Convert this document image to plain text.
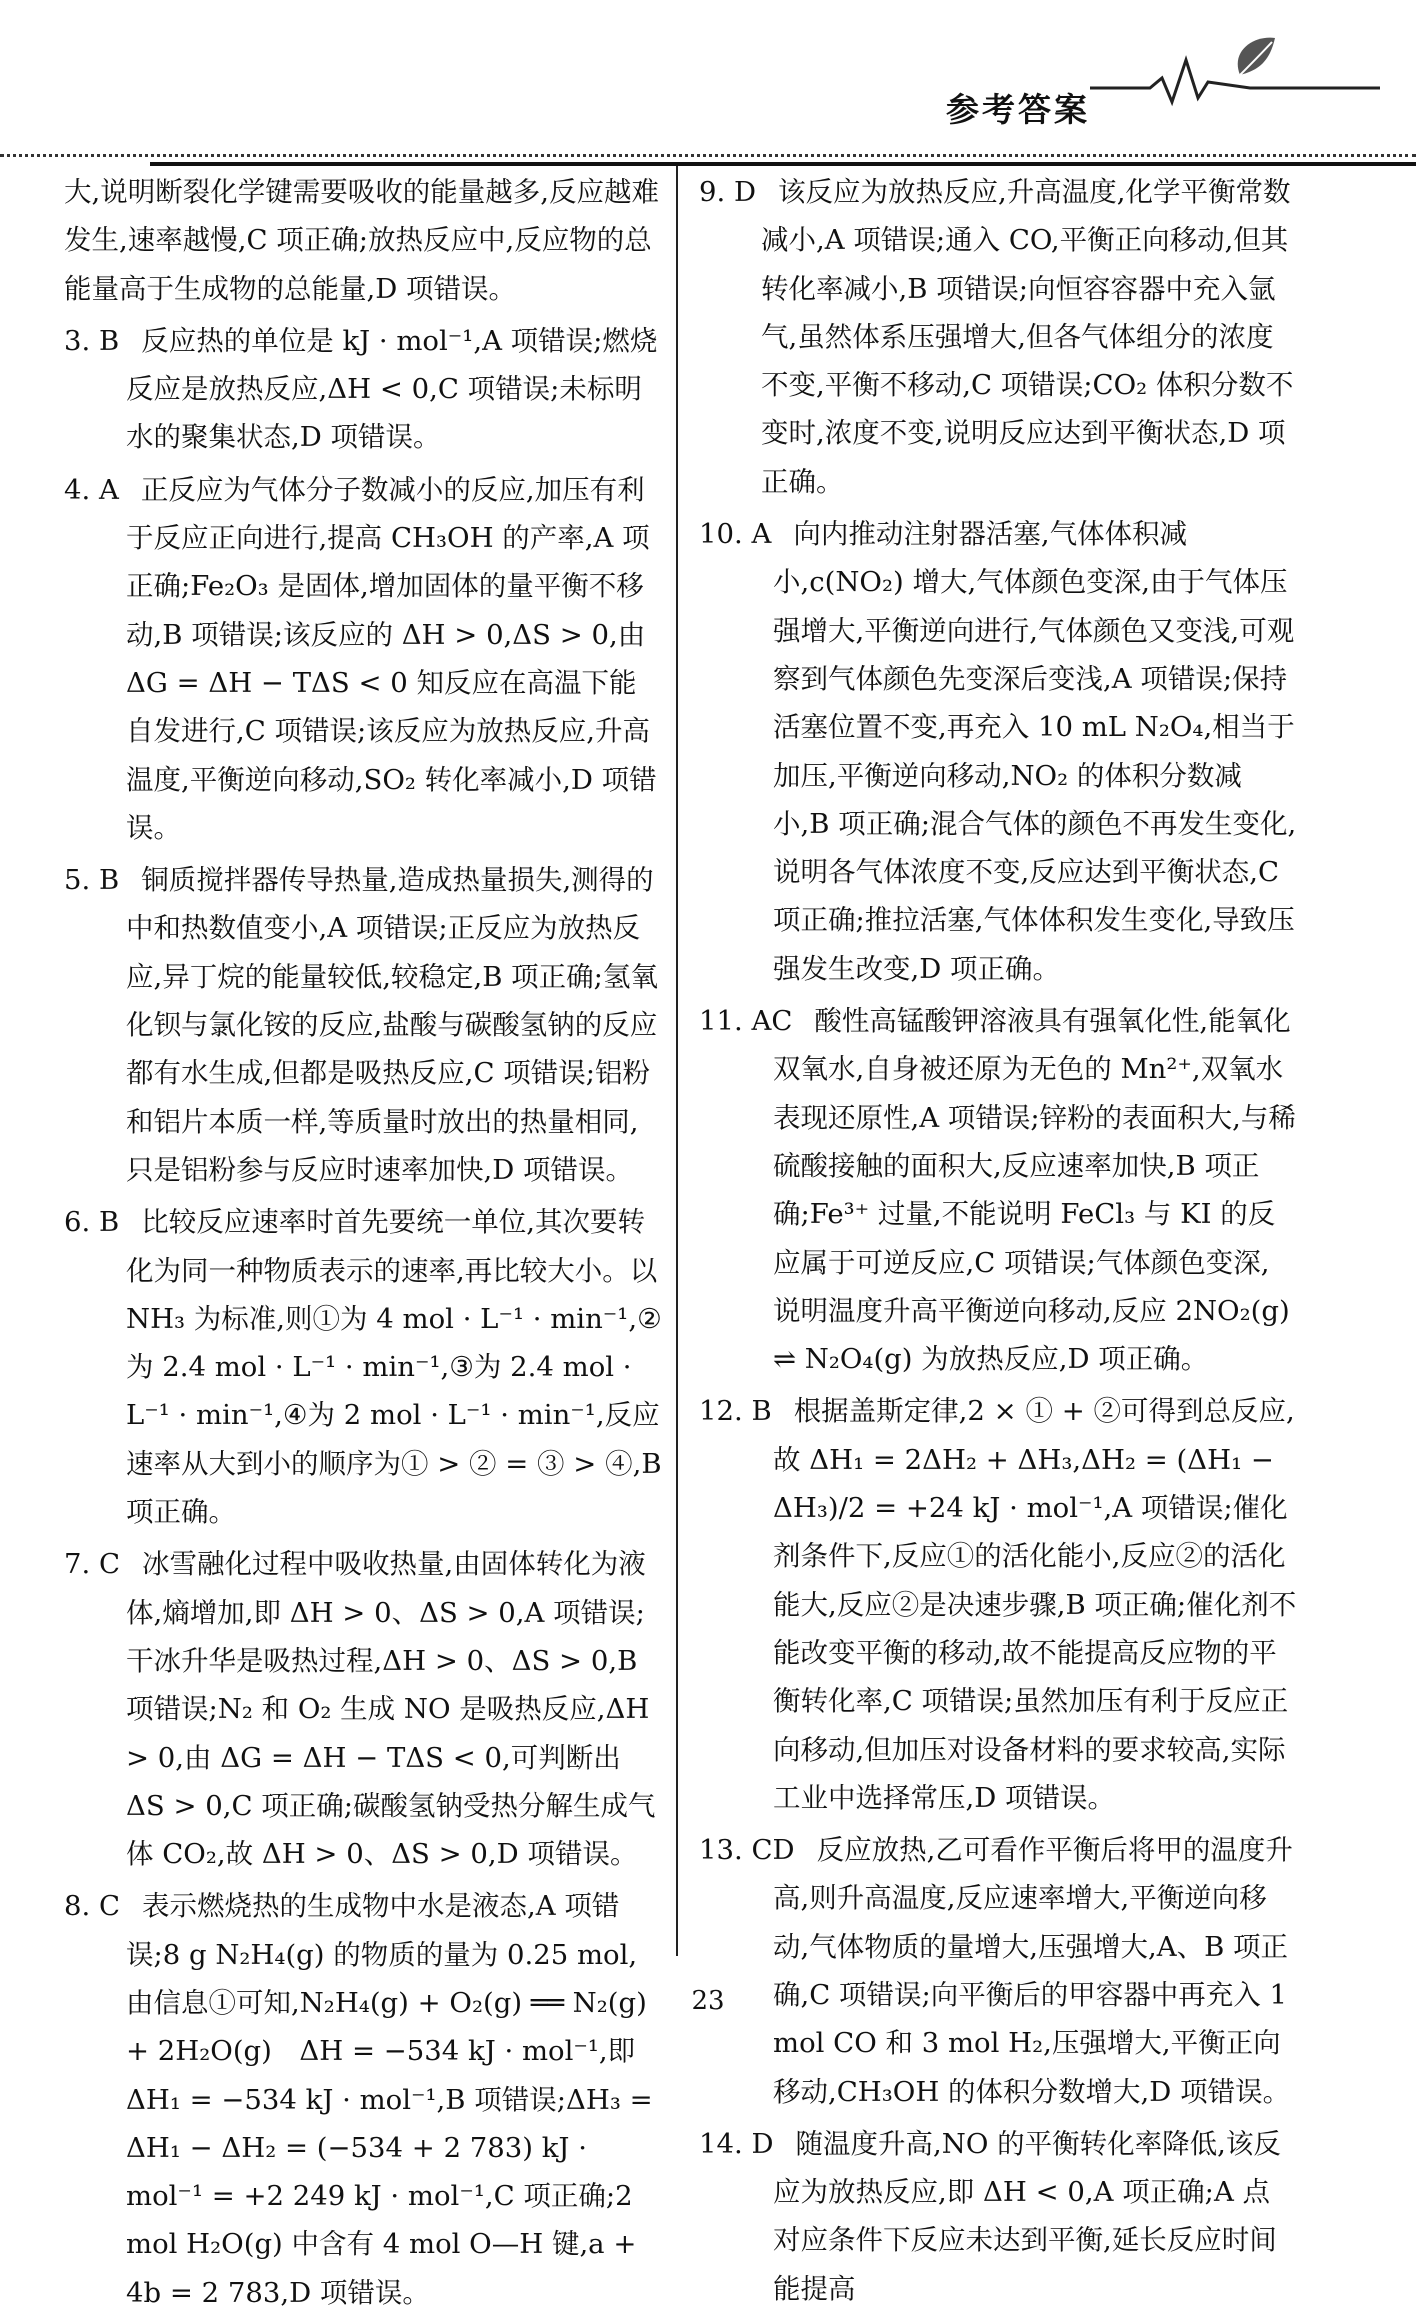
参考答案
大,说明断裂化学键需要吸收的能量越多,反应越难发生,速率越慢,C 项正确;放热反应中,反应物的总能量高于生成物的总能量,D 项错误。
3. B 反应热的单位是 kJ · mol⁻¹,A 项错误;燃烧反应是放热反应,ΔH < 0,C 项错误;未标明水的聚集状态,D 项错误。
4. A 正反应为气体分子数减小的反应,加压有利于反应正向进行,提高 CH₃OH 的产率,A 项正确;Fe₂O₃ 是固体,增加固体的量平衡不移动,B 项错误;该反应的 ΔH > 0,ΔS > 0,由 ΔG = ΔH − TΔS < 0 知反应在高温下能自发进行,C 项错误;该反应为放热反应,升高温度,平衡逆向移动,SO₂ 转化率减小,D 项错误。
5. B 铜质搅拌器传导热量,造成热量损失,测得的中和热数值变小,A 项错误;正反应为放热反应,异丁烷的能量较低,较稳定,B 项正确;氢氧化钡与氯化铵的反应,盐酸与碳酸氢钠的反应都有水生成,但都是吸热反应,C 项错误;铝粉和铝片本质一样,等质量时放出的热量相同,只是铝粉参与反应时速率加快,D 项错误。
6. B 比较反应速率时首先要统一单位,其次要转化为同一种物质表示的速率,再比较大小。以 NH₃ 为标准,则①为 4 mol · L⁻¹ · min⁻¹,②为 2.4 mol · L⁻¹ · min⁻¹,③为 2.4 mol · L⁻¹ · min⁻¹,④为 2 mol · L⁻¹ · min⁻¹,反应速率从大到小的顺序为① > ② = ③ > ④,B 项正确。
7. C 冰雪融化过程中吸收热量,由固体转化为液体,熵增加,即 ΔH > 0、ΔS > 0,A 项错误;干冰升华是吸热过程,ΔH > 0、ΔS > 0,B 项错误;N₂ 和 O₂ 生成 NO 是吸热反应,ΔH > 0,由 ΔG = ΔH − TΔS < 0,可判断出 ΔS > 0,C 项正确;碳酸氢钠受热分解生成气体 CO₂,故 ΔH > 0、ΔS > 0,D 项错误。
8. C 表示燃烧热的生成物中水是液态,A 项错误;8 g N₂H₄(g) 的物质的量为 0.25 mol,由信息①可知,N₂H₄(g) + O₂(g) ══ N₂(g) + 2H₂O(g)　ΔH = −534 kJ · mol⁻¹,即 ΔH₁ = −534 kJ · mol⁻¹,B 项错误;ΔH₃ = ΔH₁ − ΔH₂ = (−534 + 2 783) kJ · mol⁻¹ = +2 249 kJ · mol⁻¹,C 项正确;2 mol H₂O(g) 中含有 4 mol O—H 键,a + 4b = 2 783,D 项错误。
9. D 该反应为放热反应,升高温度,化学平衡常数减小,A 项错误;通入 CO,平衡正向移动,但其转化率减小,B 项错误;向恒容容器中充入氩气,虽然体系压强增大,但各气体组分的浓度不变,平衡不移动,C 项错误;CO₂ 体积分数不变时,浓度不变,说明反应达到平衡状态,D 项正确。
10. A 向内推动注射器活塞,气体体积减小,c(NO₂) 增大,气体颜色变深,由于气体压强增大,平衡逆向进行,气体颜色又变浅,可观察到气体颜色先变深后变浅,A 项错误;保持活塞位置不变,再充入 10 mL N₂O₄,相当于加压,平衡逆向移动,NO₂ 的体积分数减小,B 项正确;混合气体的颜色不再发生变化,说明各气体浓度不变,反应达到平衡状态,C 项正确;推拉活塞,气体体积发生变化,导致压强发生改变,D 项正确。
11. AC 酸性高锰酸钾溶液具有强氧化性,能氧化双氧水,自身被还原为无色的 Mn²⁺,双氧水表现还原性,A 项错误;锌粉的表面积大,与稀硫酸接触的面积大,反应速率加快,B 项正确;Fe³⁺ 过量,不能说明 FeCl₃ 与 KI 的反应属于可逆反应,C 项错误;气体颜色变深,说明温度升高平衡逆向移动,反应 2NO₂(g) ⇌ N₂O₄(g) 为放热反应,D 项正确。
12. B 根据盖斯定律,2 × ① + ②可得到总反应,故 ΔH₁ = 2ΔH₂ + ΔH₃,ΔH₂ = (ΔH₁ − ΔH₃)/2 = +24 kJ · mol⁻¹,A 项错误;催化剂条件下,反应①的活化能小,反应②的活化能大,反应②是决速步骤,B 项正确;催化剂不能改变平衡的移动,故不能提高反应物的平衡转化率,C 项错误;虽然加压有利于反应正向移动,但加压对设备材料的要求较高,实际工业中选择常压,D 项错误。
13. CD 反应放热,乙可看作平衡后将甲的温度升高,则升高温度,反应速率增大,平衡逆向移动,气体物质的量增大,压强增大,A、B 项正确,C 项错误;向平衡后的甲容器中再充入 1 mol CO 和 3 mol H₂,压强增大,平衡正向移动,CH₃OH 的体积分数增大,D 项错误。
14. D 随温度升高,NO 的平衡转化率降低,该反应为放热反应,即 ΔH < 0,A 项正确;A 点对应条件下反应未达到平衡,延长反应时间能提高
23
